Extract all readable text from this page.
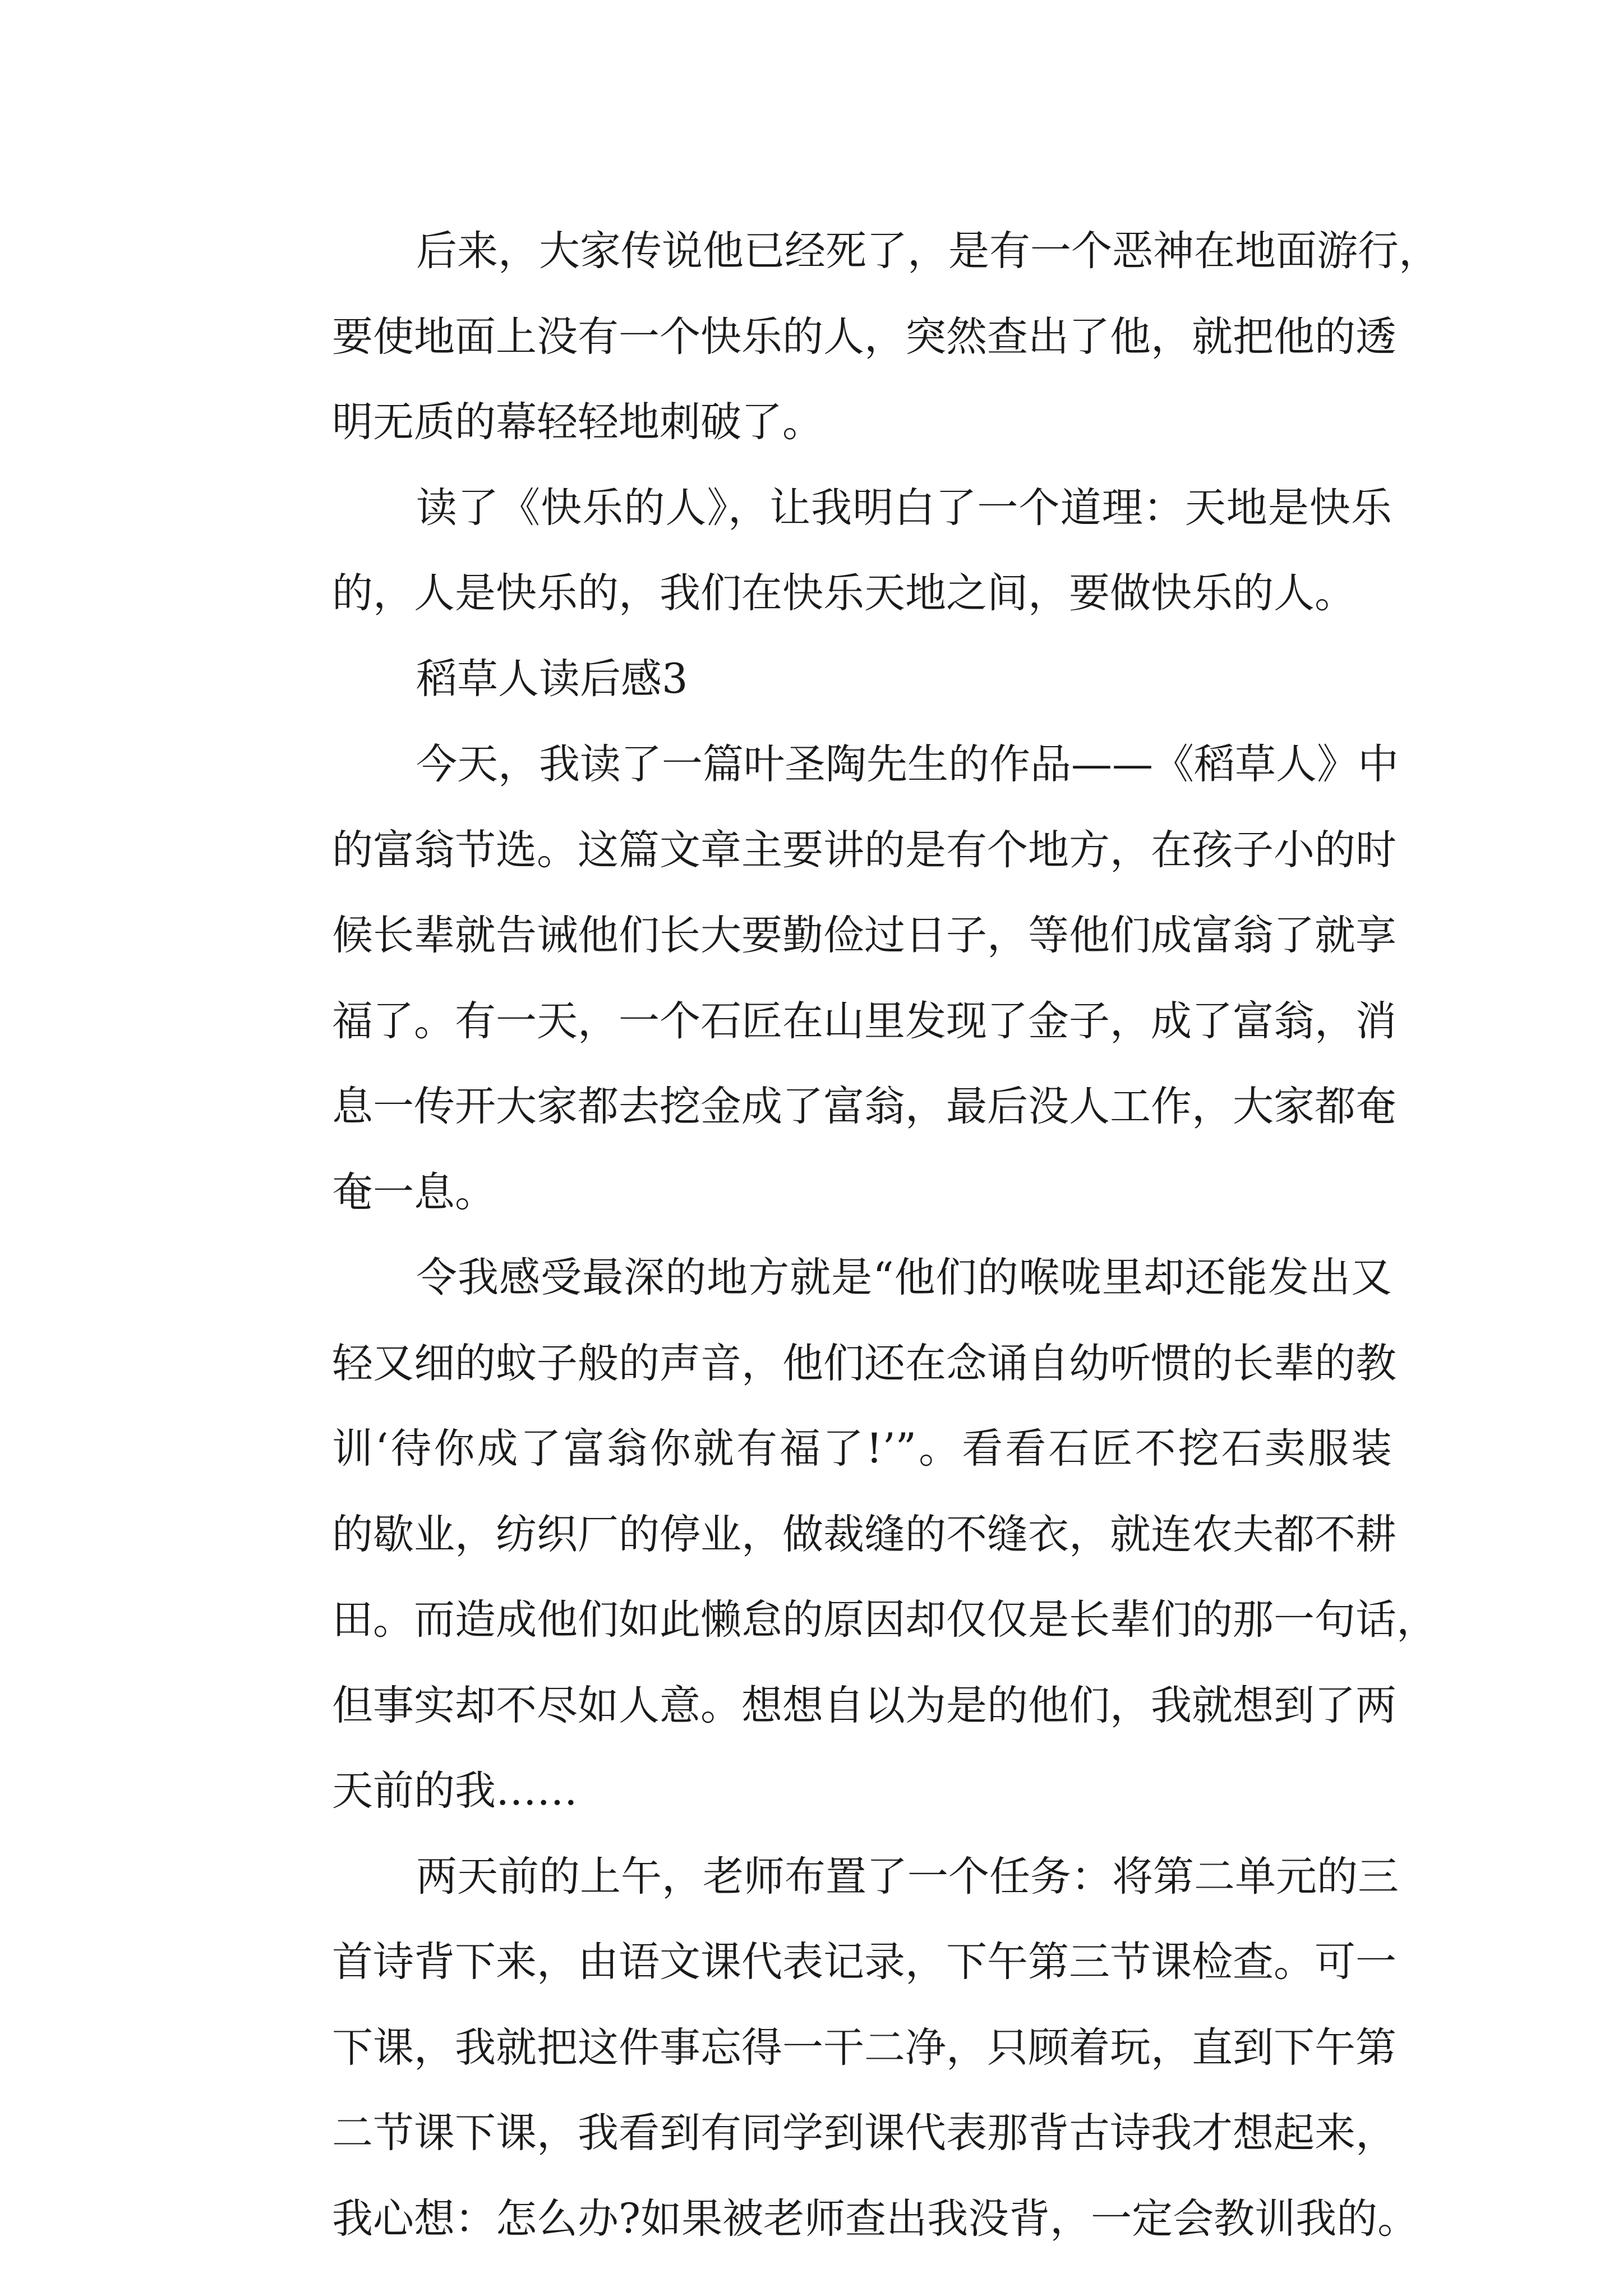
后来，大家传说他已经死了，是有一个恶神在地面游行，
要使地面上没有一个快乐的人，突然查出了他，就把他的透
明无质的幕轻轻地刺破了。
读了《快乐的人》，让我明白了一个道理：天地是快乐
的，人是快乐的，我们在快乐天地之间，要做快乐的人。
稻草人读后感3
今天，我读了一篇叶圣陶先生的作品——《稻草人》中
的富翁节选。这篇文章主要讲的是有个地方，在孩子小的时
候长辈就告诫他们长大要勤俭过日子，等他们成富翁了就享
福了。有一天，一个石匠在山里发现了金子，成了富翁，消
息一传开大家都去挖金成了富翁，最后没人工作，大家都奄
奄一息。
令我感受最深的地方就是“他们的喉咙里却还能发出又
轻又细的蚊子般的声音，他们还在念诵自幼听惯的长辈的教
训‘待你成了富翁你就有福了!’”。看看石匠不挖石卖服装
的歇业，纺织厂的停业，做裁缝的不缝衣，就连农夫都不耕
田。而造成他们如此懒怠的原因却仅仅是长辈们的那一句话，
但事实却不尽如人意。想想自以为是的他们，我就想到了两
天前的我……
两天前的上午，老师布置了一个任务：将第二单元的三
首诗背下来，由语文课代表记录，下午第三节课检查。可一
下课，我就把这件事忘得一干二净，只顾着玩，直到下午第
二节课下课，我看到有同学到课代表那背古诗我才想起来，
我心想：怎么办?如果被老师查出我没背，一定会教训我的。
